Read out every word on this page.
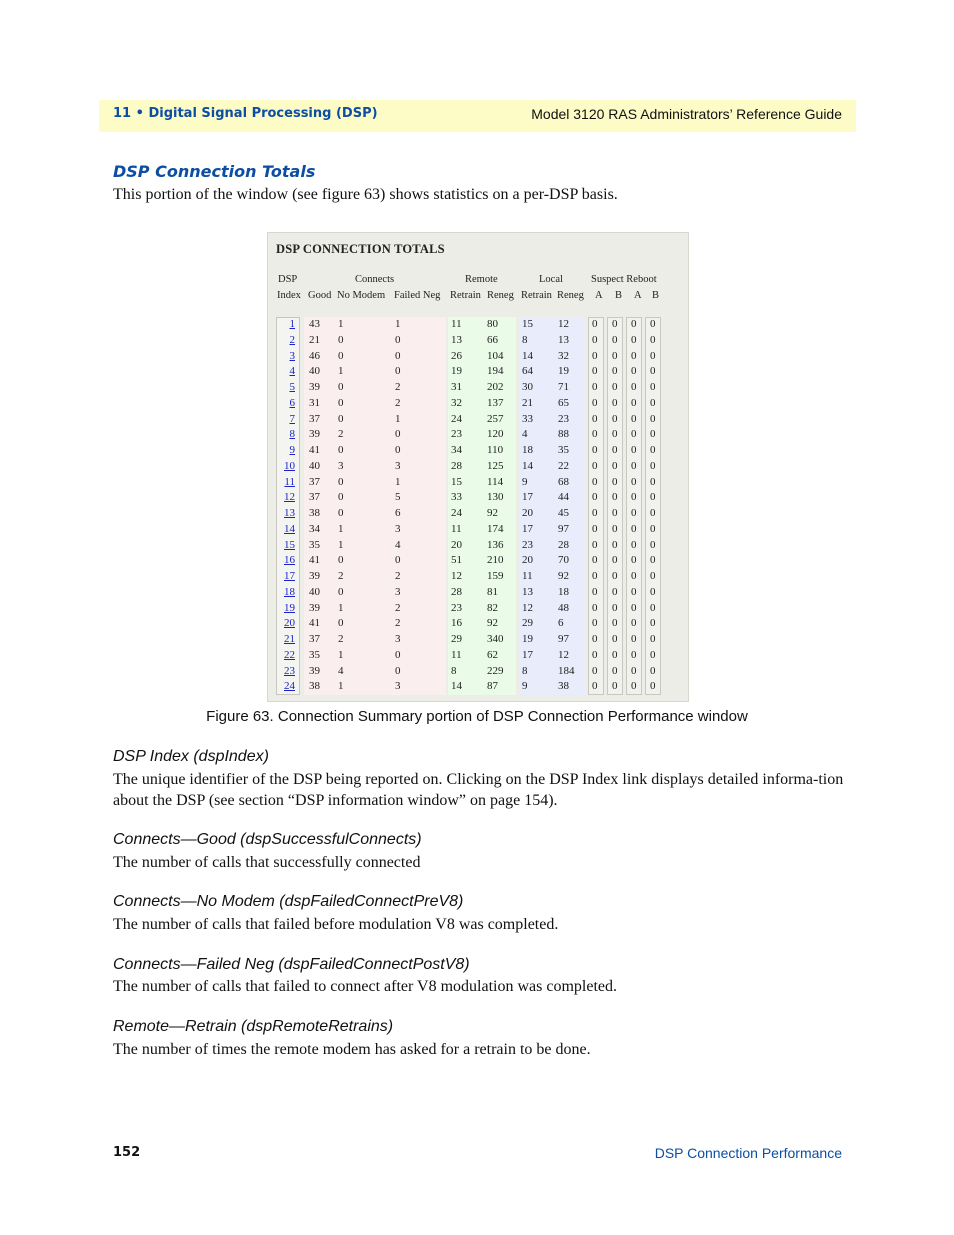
11 • Digital Signal Processing (DSP)	Model 3120 RAS Administrators’ Reference Guide
DSP Connection Totals
This portion of the window (see figure 63) shows statistics on a per-DSP basis.
DSP CONNECTION TOTALS
DSP	Connects	Remote	Local	Suspect Reboot
Index Good No Modem Failed Neg Retrain Reneg Retrain Reneg A B A B
1 43 1	1	11 80 15 12 0 0 0 0
2 21 0	0	13 66 8	13 0 0 0 0
3 46 0	0	26 104 14 32 0 0 0 0
4 40 1	0	19 194 64 19 0 0 0 0
5 39 0	2	31 202 30 71 0 0 0 0
6 31 0	2	32 137 21 65 0 0 0 0
7 37 0	1	24 257 33 23 0 0 0 0
8 39 2	0	23 120 4	88 0 0 0 0
9 41 0	0	34 110 18 35 0 0 0 0
10 40 3	3	28 125 14 22 0 0 0 0
11 37 0	1	15 114 9	68 0 0 0 0
12 37 0	5	33 130 17 44 0 0 0 0
13 38 0	6	24 92 20 45 0 0 0 0
14 34 1	3	11 174 17 97 0 0 0 0
15 35 1	4	20 136 23 28 0 0 0 0
16 41 0	0	51 210 20 70 0 0 0 0
17 39 2	2	12 159 11 92 0 0 0 0
18 40 0	3	28 81 13 18 0 0 0 0
19 39 1	2	23 82 12 48 0 0 0 0
20 41 0	2	16 92 29 6	0 0 0 0
21 37 2	3	29 340 19 97 0 0 0 0
22 35 1	0	11 62 17 12 0 0 0 0
23 39 4	0	8	229 8	184 0 0 0 0
24 38 1	3	14 87 9	38 0 0 0 0
Figure 63. Connection Summary portion of DSP Connection Performance window
DSP Index (dspIndex)
The unique identifier of the DSP being reported on. Clicking on the DSP Index link displays detailed informa-tion about the DSP (see section “DSP information window” on page 154).
Connects—Good (dspSuccessfulConnects)
The number of calls that successfully connected
Connects—No Modem (dspFailedConnectPreV8)
The number of calls that failed before modulation V8 was completed.
Connects—Failed Neg (dspFailedConnectPostV8)
The number of calls that failed to connect after V8 modulation was completed.
Remote—Retrain (dspRemoteRetrains)
The number of times the remote modem has asked for a retrain to be done.
152	DSP Connection Performance
